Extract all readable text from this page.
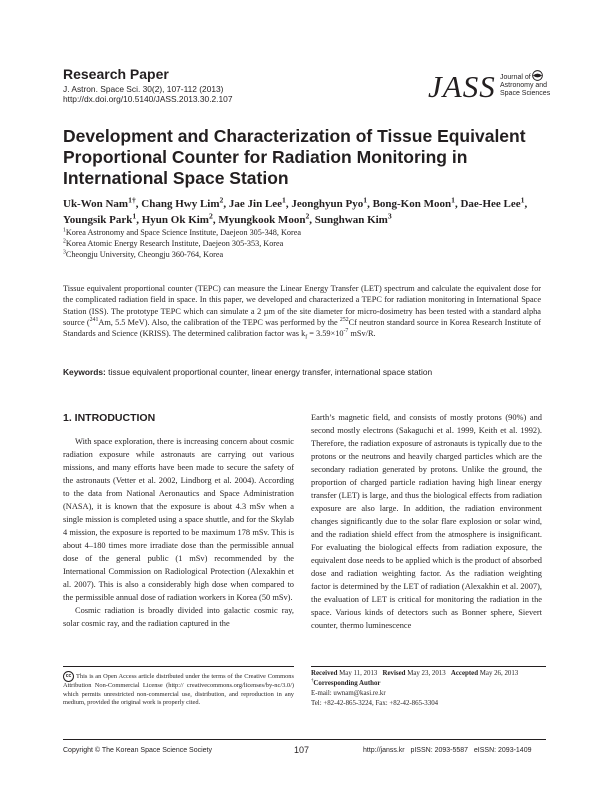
Research Paper
J. Astron. Space Sci. 30(2), 107-112 (2013)
http://dx.doi.org/10.5140/JASS.2013.30.2.107	JASS Journal of
Astronomy and
Space Sciences
Development and Characterization of Tissue Equivalent Proportional Counter for Radiation Monitoring in International Space Station
Uk-Won Nam$^{1\dagger}$, Chang Hwy Lim$^2$, Jae Jin Lee$^1$, Jeonghyun Pyo$^1$, Bong-Kon Moon$^1$, Dae-Hee Lee$^1$, Youngsik Park$^1$, Hyun Ok Kim$^2$, Myungkook Moon$^2$, Sunghwan Kim$^3$
$^1$Korea Astronomy and Space Science Institute, Daejeon 305-348, Korea
$^2$Korea Atomic Energy Research Institute, Daejeon 305-353, Korea
$^3$Cheongju University, Cheongju 360-764, Korea
Tissue equivalent proportional counter (TEPC) can measure the Linear Energy Transfer (LET) spectrum and calculate the equivalent dose for the complicated radiation field in space. In this paper, we developed and characterized a TEPC for radiation monitoring in International Space Station (ISS). The prototype TEPC which can simulate a 2 µm of the site diameter for micro-dosimetry has been tested with a standard alpha source ($^{241}$Am, 5.5 MeV). Also, the calibration of the TEPC was performed by the $^{252}$Cf neutron standard source in Korea Research Institute of Standards and Science (KRISS). The determined calibration factor was $k_f = 3.59\times 10^{-7}$ mSv/R.
Keywords: tissue equivalent proportional counter, linear energy transfer, international space station
1. INTRODUCTION

With space exploration, there is increasing concern about cosmic radiation exposure while astronauts are carrying out various missions, and many efforts have been made to secure the safety of the astronauts (Vetter et al. 2002, Lindborg et al. 2004). According to the data from National Aeronautics and Space Administration (NASA), it is known that the exposure is about 4.3 mSv when a single mission is completed using a space shuttle, and for the Skylab 4 mission, the exposure is reported to be maximum 178 mSv. This is about 4–180 times more irradiate dose than the permissible annual dose of the general public (1 mSv) recommended by the International Commission on Radiological Protection (Alexakhin et al. 2007). This is also a considerably high dose when compared to the permissible annual dose of radiation workers in Korea (50 mSv).

Cosmic radiation is broadly divided into galactic cosmic ray, solar cosmic ray, and the radiation captured in the

Earth’s magnetic field, and consists of mostly protons (90%) and second mostly electrons (Sakaguchi et al. 1999, Keith et al. 1992). Therefore, the radiation exposure of astronauts is typically due to the protons or the neutrons and heavily charged particles which are the secondary radiation generated by protons. Unlike the ground, the proportion of charged particle radiation having high linear energy transfer (LET) is large, and thus the biological effects from radiation exposure are also large. In addition, the radiation environment changes significantly due to the solar flare explosion or solar wind, and the radiation shield effect from the atmosphere is insignificant. For evaluating the biological effects from radiation exposure, the equivalent dose needs to be applied which is the product of absorbed dose and radiation weighting factor. As the radiation weighting factor is determined by the LET of radiation (Alexakhin et al. 2007), the evaluation of LET is critical for monitoring the radiation in the space. Various kinds of detectors such as Bonner sphere, Sievert counter, thermo luminescence

cc This is an Open Access article distributed under the terms of the Creative Commons Attribution Non-Commercial License (http:// creativecommons.org/licenses/by-nc/3.0/) which permits unrestricted non-commercial use, distribution, and reproduction in any medium, provided the original work is properly cited.
Received May 11, 2013 Revised May 23, 2013 Accepted May 26, 2013
†Corresponding Author
E-mail: uwnam@kasi.re.kr
Tel: +82-42-865-3224, Fax: +82-42-865-3304
Copyright © The Korean Space Science Society	107	http://janss.kr   pISSN: 2093-5587   eISSN: 2093-1409
